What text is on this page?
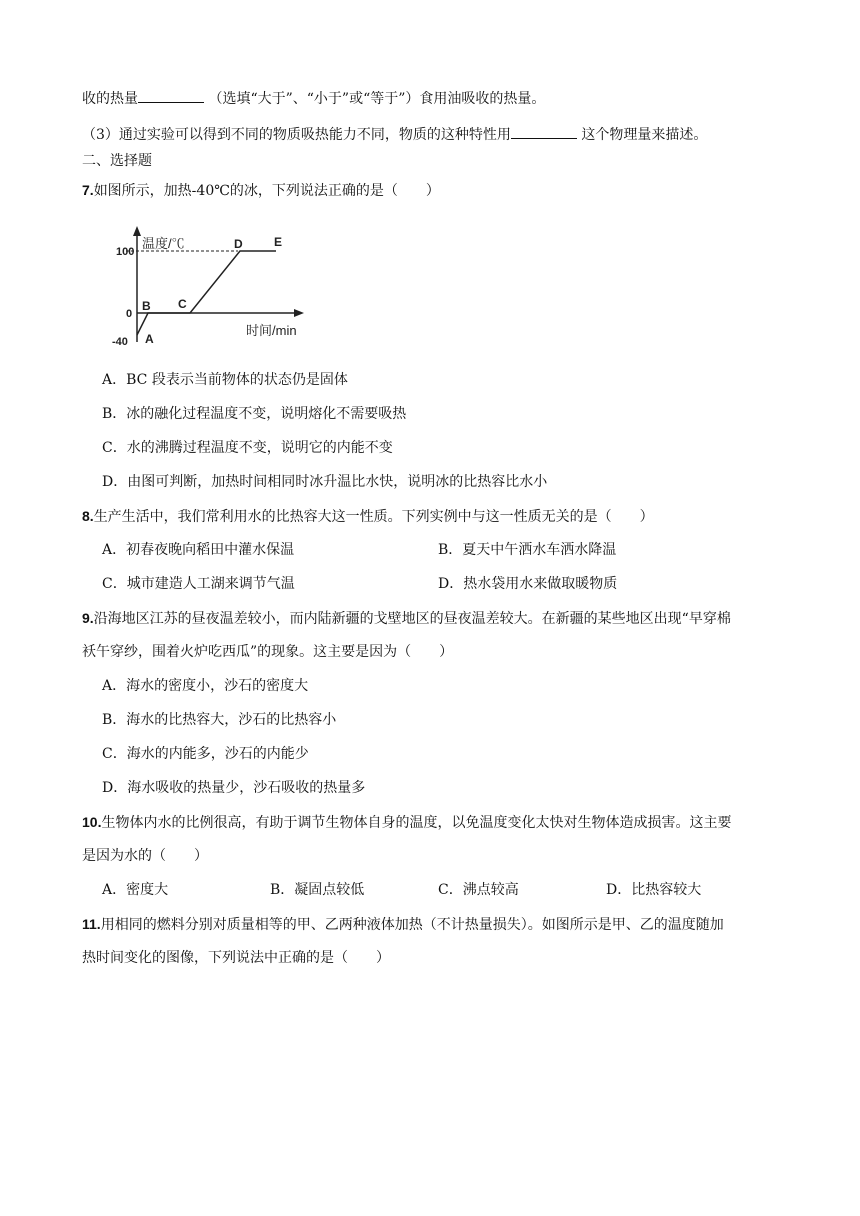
收的热量	（选填“大于”、“小于”或“等于”）食用油吸收的热量。
（3）通过实验可以得到不同的物质吸热能力不同，物质的这种特性用	这个物理量来描述。
二、选择题
7.如图所示，加热-40℃的冰，下列说法正确的是（　　）
100
0
-40
温度/℃
时间/min
A
B C
D	E
A．BC 段表示当前物体的状态仍是固体
B．冰的融化过程温度不变，说明熔化不需要吸热
C．水的沸腾过程温度不变，说明它的内能不变
D．由图可判断，加热时间相同时冰升温比水快，说明冰的比热容比水小
8.生产生活中，我们常利用水的比热容大这一性质。下列实例中与这一性质无关的是（　　）
A．初春夜晚向稻田中灌水保温	B．夏天中午洒水车洒水降温
C．城市建造人工湖来调节气温	D．热水袋用水来做取暖物质
9.沿海地区江苏的昼夜温差较小，而内陆新疆的戈壁地区的昼夜温差较大。在新疆的某些地区出现“早穿棉
袄午穿纱，围着火炉吃西瓜”的现象。这主要是因为（　　）
A．海水的密度小，沙石的密度大
B．海水的比热容大，沙石的比热容小
C．海水的内能多，沙石的内能少
D．海水吸收的热量少，沙石吸收的热量多
10.生物体内水的比例很高，有助于调节生物体自身的温度，以免温度变化太快对生物体造成损害。这主要
是因为水的（　　）
A．密度大	B．凝固点较低	C．沸点较高	D．比热容较大
11.用相同的燃料分别对质量相等的甲、乙两种液体加热（不计热量损失）。如图所示是甲、乙的温度随加
热时间变化的图像，下列说法中正确的是（　　）
